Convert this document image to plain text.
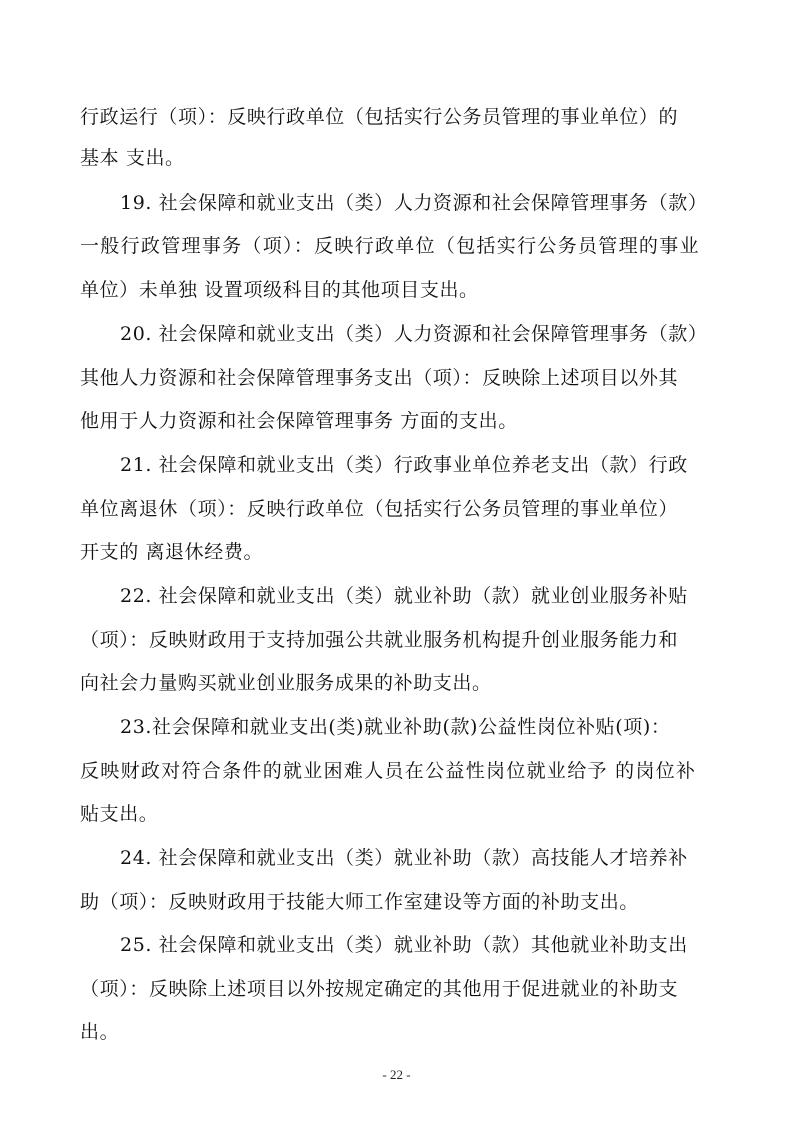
行政运行（项）：反映行政单位（包括实行公务员管理的事业单位）的
基本 支出。
19. 社会保障和就业支出（类）人力资源和社会保障管理事务（款）
一般行政管理事务（项）：反映行政单位（包括实行公务员管理的事业
单位）未单独 设置项级科目的其他项目支出。
20. 社会保障和就业支出（类）人力资源和社会保障管理事务（款）
其他人力资源和社会保障管理事务支出（项）：反映除上述项目以外其
他用于人力资源和社会保障管理事务 方面的支出。
21. 社会保障和就业支出（类）行政事业单位养老支出（款）行政
单位离退休（项）：反映行政单位（包括实行公务员管理的事业单位）
开支的 离退休经费。
22. 社会保障和就业支出（类）就业补助（款）就业创业服务补贴
（项）：反映财政用于支持加强公共就业服务机构提升创业服务能力和
向社会力量购买就业创业服务成果的补助支出。
23.社会保障和就业支出(类)就业补助(款)公益性岗位补贴(项)：
反映财政对符合条件的就业困难人员在公益性岗位就业给予 的岗位补
贴支出。
24. 社会保障和就业支出（类）就业补助（款）高技能人才培养补
助（项）：反映财政用于技能大师工作室建设等方面的补助支出。
25. 社会保障和就业支出（类）就业补助（款）其他就业补助支出
（项）：反映除上述项目以外按规定确定的其他用于促进就业的补助支
出。
- 22 -
